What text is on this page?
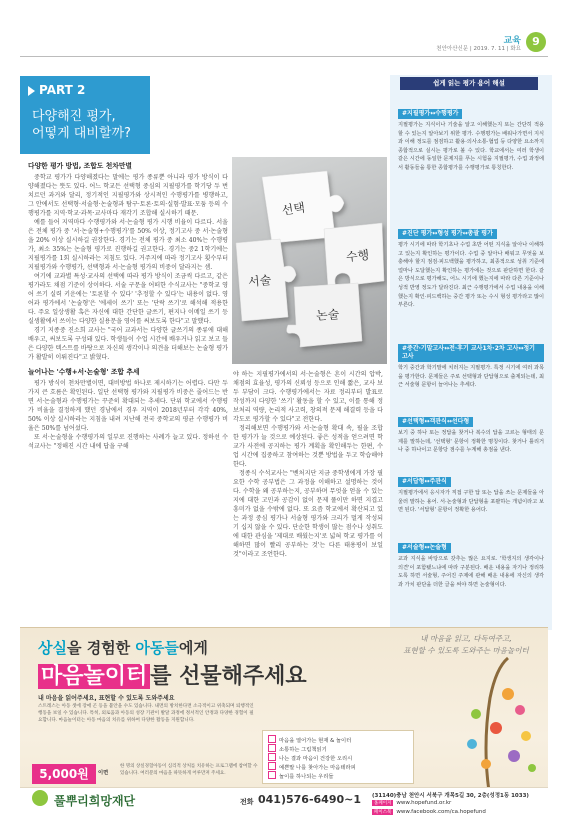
교육
천안아산신문 | 2019. 7. 11 | 화요
9
PART 2
다양해진 평가,
어떻게 대비할까?
선택
서술
수행
논술
다양한 평가 방법, 조합도 천차만별

중학교 평가가 다양해졌다는 말에는 평가 종류뿐 아니라 평가 방식이 다양해졌다는 뜻도 있다. 어느 학교든 선택형 중심의 지필평가를 학기당 두 번 치르던 과거와 달리, 정기적인 지필평가와 상시적인 수행평가를 병행하고, 그 안에서도 선택형·서술형·논술형과 탐구·토론·토의·실험·발표·모둠 등의 수행평가를 지역·학교·과목·교사마다 재각기 조합해 실시하기 때문.

예를 들어 지역마다 수행평가와 서·논술형 평가 시행 비율이 다르다. 서울은 전체 평가 중 '서·논술형+수행평가'를 50% 이상, 정기고사 중 서·논술형을 20% 이상 실시하길 권장한다. 경기는 전체 평가 중 최소 40%는 수행평가, 최소 35%는 논술형 평가로 진행하길 권고한다. 경기는 중2 1학기에는 지필평가를 1회 실시하라는 지침도 있다. 거주지에 따라 정기고사 횟수부터 지필평가와 수행평가, 선택형과 서·논술형 평가의 비중이 달라지는 셈.

여기에 교과별 특성·교사의 선택에 따라 평가 방식이 조금씩 다르고, 같은 평가라도 채점 기준이 상이하다. 서술 구문을 어떠한 수식교사는 "중학교 영어 쓰기 실력 키운에는 '토론할 수 있다' '추정할 수 있다'는 내용이 없다. 영어과 평가에서 '논술형'은 '에세이 쓰기' 또는 '단락 쓰기'로 해석해 적용한다. 주요 일상생활 혹은 자신에 대한 간단한 글쓰기, 편지나 이메일 쓰기 등 실생활에서 쓰이는 다양한 실용문을 영어를 써보도록 한다"고 말했다.

경기 지종중 진소희 교사는 "국어 교과서는 다양한 글쓰기의 종류에 대해 배우고, 써보도록 구성돼 있다. 학생들이 수업 시간에 배우거나 읽고 보고 들은 다양한 텍스트를 바탕으로 자신의 생각이나 의견을 더해보는 논술형 평가가 활발히 이뤄진다"고 밝혔다.

늘어나는 '수행+서·논술형' 조합 추세

평가 방식이 천차만별이면, 대비방법 하나로 제시하기는 어렵다. 다만 두 가지 큰 흐름은 확인된다. 일단 선택형 평가와 지필평가 비중은 줄어드는 반면 서·논술형과 수행평가는 꾸준히 확대되는 추세다. 단위 학교에서 수행평가 비율을 결정하게 했던 경남에서 경우 지역이 2018년부터 각각 40%, 50% 이상 실시하라는 지침을 내려 지난해 전국 중학교의 평균 수행평가 비율은 50%를 넘어섰다.

또 서·논술형을 수행평가의 일부로 진행하는 사례가 늘고 있다. 정하선 수석교사는 "정해진 시간 내에 답을 구해

야 하는 지필평가에서의 서·논술형은 흔이 시간의 압박, 채점의 효율성, 평가의 신뢰성 등으로 인해 짧은, 교사 보두 부담이 크다. 수행평가에서는 자료 정리부터 발표로 작성까지 다양한 '쓰기' 활동을 할 수 있고, 이를 통해 정보처리 역량, 논리적 사고력, 창의적 문제 해결력 등을 다각도로 평가할 수 있다"고 전한다.

정리해보면 수행평가와 서·논술형 확대 속, 필을 조합한 평가가 늘 것으로 예상된다. 좋은 성적을 얻으려면 학교가 사전에 공지하는 평가 계획을 확인해두는 한편, 수업 시간에 집중하고 참여하는 것뿐 방법을 두고 학습해야 한다.

정종식 수석교사는 "벤처지단 지금 중학생에게 가장 필요한 수학 공부법은 그 과정을 이해하고 설명하는 것이다. 수학을 왜 공부하는지, 공부하며 무엇을 얻을 수 있는지에 대한 고민과 공감이 없이 문제 풀이만 하면 지겹고 흥미가 없을 수밖에 없다. 또 요즘 학교에서 확산되고 있는 과정 중심 평가나 서술형 평가와 크리가 멀게 작성되기 십지 않을 수 있다. 단순한 학생이 많는 점수나 성취도에 대한 관심을 '제대로 배웠는지'로 넓혀 학교 평가를 이해하면 많이 빨리 공부하는 것'는 다른 태용평이 보일 것"이라고 조언한다.

쉽게 읽는 평가 용어 해설
#지필평가↔수행평가
지필평가는 지식이나 기술을 알고 이해했는지 또는 간단히 적용할 수 있는지 알아보기 위한 평가. 수행평가는 배워나가면서 지식과 이해 정도를 점검하고 활용·의사소통·협업 등 다양한 요소까지 종합적으로 실시는 평가로 볼 수 있다. 학교에서는 여러 학생이 같은 시간에 동일한 문제지를 푸는 시험을 지필평가, 수업 과정에서 활동들을 통한 종합평가를 수행평가로 통칭한다.
#진단 평가↔형성 평가↔총괄 평가
평가 시기에 따라 학기초나 수업 초반 어떤 지식을 알아나 이해하고 있는지 확인하는 평가이다. 수업 중 알아나 배워고 무엇을 보충해야 할지 점검·피드백했을 평가하고, 최종적으로 성취 기준에 얼마나 도달했는지 확인하는 평가에는 것으로 판단하면 한다. 같은 방식으로 평가해도, 어느 시기에 했는지에 따라 다른 기준이나 성적 반영 정도가 달라진다. 최근 수행평가에서 수업 내용을 이해했는지 확인·피드백하는 중간 평가 또는 수시 형성 평가라고 많이 부른다.
#중간·기말고사↔전·후기 교사1차·2차 고사↔정기고사
학기 중간과 학기말에 치러지는 지필평가. 특정 시기에 여러 과목을 평가한다. 문제들은 주로 선택형과 단답형으로 출제되는데, 최근 서술형 문항이 늘어나는 추세다.
#선택형↔객관식↔선다형
보기 중 하나 또는 정답을 찾거나 복수의 답을 고르는 형태의 문제를 말하는데, '선택형' 문항이 정확한 명칭이다. 찾거나 틀리거나 중 하나이고 문항당 점수를 누계해 총점을 낸다.
#서답형↔주관식
지필평가에서 응시자가 직접 구한 답 또는 답을 쓰는 문제들을 아울러 말하는 용어. 서·논술형과 단답형을 포괄하는 개념이라고 보면 된다. '서답형' 문항이 정확한 용어다.
#서술형↔논술형
교과 지식을 바탕으로 갖추는 많은 요지로. '학생지의 생각이나 의견'이 포함됐느냐에 따라 구분된다. 배운 내용을 자기나 정리하도록 하면 서술형, 주어진 주제에 관해 배운 내용에 자신의 생각과 가치 판단을 더한 글을 써야 하면 논술형이다.
상실을 경험한 아동들에게
마음놀이터 를 선물해주세요
내 마음을 읽어주세요, 표현할 수 있도록 도와주세요
스트레스는 아동 셋에 장애 곤 등을 불안을 수도 있습니다. 내면의 방치한다면 소극적이고 위축되며 퇴행적인 행동을 보일 수 있습니다. 특히, 외로움과 아동의 성장 기관이 발달 과정에 정서적인 안정과 다양한 경험이 필요합니다. 마음놀이터는 아동 마음의 치유를 위하여 다양한 활동을 지원합니다.
마음을 열어가는 현재 & 놀이터
소통하는 그림책읽기
나는 결과 마음이 건강한 오리시
예쁜말 나를 찾아가는 마음테라피
놀이를 하나되는 우리들
내 마음을 읽고, 다독여주고,
표현할 수 있도록 도와주는 마음놀이터
5,000원	이면
한 명의 상실경험아동이 심리적 상처를 치유하는 프로그램에 참여할 수 있습니다. 여러분의 마음을 따뜻하게 어루만져 주세요.
풀뿌리희망재단	전화 041)576-6490~1 (31140)충남 천안시 서북구 개목5길 30, 2층(성정1동 1033)
홈페이지 www.hopefund.or.kr
페이스북 www.facebook.com/ca.hopefund
